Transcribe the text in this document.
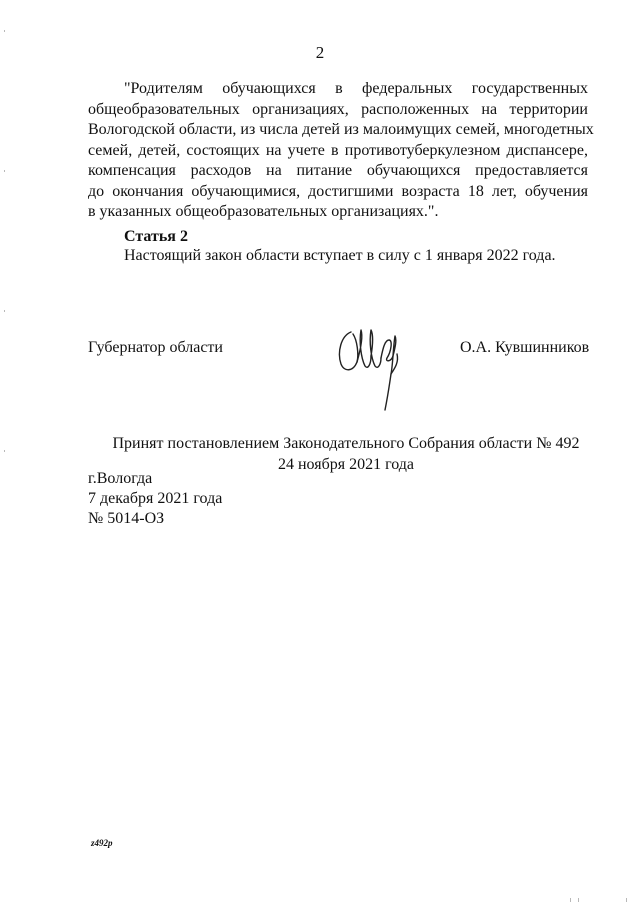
2
"Родителям обучающихся в федеральных государственных
общеобразовательных организациях, расположенных на территории
Вологодской области, из числа детей из малоимущих семей, многодетных
семей, детей, состоящих на учете в противотуберкулезном диспансере,
компенсация расходов на питание обучающихся предоставляется
до окончания обучающимися, достигшими возраста 18 лет, обучения
в указанных общеобразовательных организациях.".
Статья 2
Настоящий закон области вступает в силу с 1 января 2022 года.
Губернатор области	О.А. Кувшинников
Принят постановлением Законодательного Собрания области № 492
24 ноября 2021 года
г.Вологда
7 декабря 2021 года
№ 5014-ОЗ
z492p
